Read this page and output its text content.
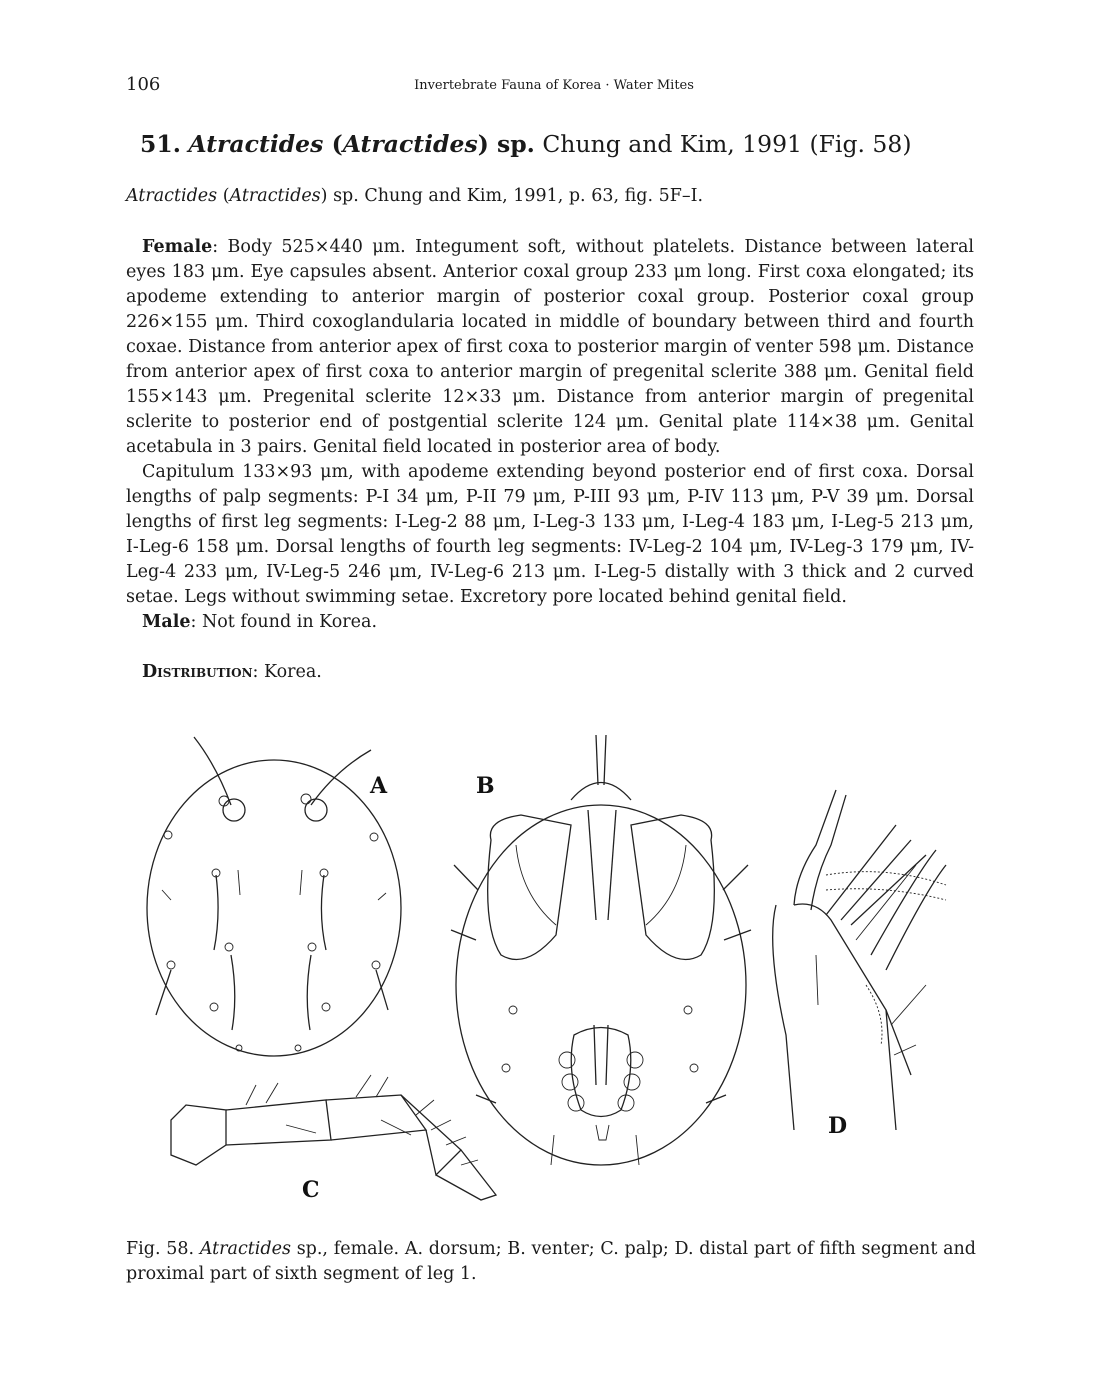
106	Invertebrate Fauna of Korea · Water Mites
51. Atractides (Atractides) sp. Chung and Kim, 1991 (Fig. 58)
Atractides (Atractides) sp. Chung and Kim, 1991, p. 63, fig. 5F–I.

Female: Body 525×440 μm. Integument soft, without platelets. Distance between lateral eyes 183 μm. Eye capsules absent. Anterior coxal group 233 μm long. First coxa elongated; its apodeme extending to anterior margin of posterior coxal group. Posterior coxal group 226×155 μm. Third coxoglandularia located in middle of boundary between third and fourth coxae. Distance from anterior apex of first coxa to posterior margin of venter 598 μm. Distance from anterior apex of first coxa to anterior margin of pregenital sclerite 388 μm. Genital field 155×143 μm. Pregenital sclerite 12×33 μm. Distance from anterior margin of pregenital sclerite to posterior end of postgential sclerite 124 μm. Genital plate 114×38 μm. Genital acetabula in 3 pairs. Genital field located in posterior area of body.

Capitulum 133×93 μm, with apodeme extending beyond posterior end of first coxa. Dorsal lengths of palp segments: P-I 34 μm, P-II 79 μm, P-III 93 μm, P-IV 113 μm, P-V 39 μm. Dorsal lengths of first leg segments: I-Leg-2 88 μm, I-Leg-3 133 μm, I-Leg-4 183 μm, I-Leg-5 213 μm, I-Leg-6 158 μm. Dorsal lengths of fourth leg segments: IV-Leg-2 104 μm, IV-Leg-3 179 μm, IV-Leg-4 233 μm, IV-Leg-5 246 μm, IV-Leg-6 213 μm. I-Leg-5 distally with 3 thick and 2 curved setae. Legs without swimming setae. Excretory pore located behind genital field.

Male: Not found in Korea.

Distribution: Korea.

A	B
C
D

Fig. 58. Atractides sp., female. A. dorsum; B. venter; C. palp; D. distal part of fifth segment and proximal part of sixth segment of leg 1.
